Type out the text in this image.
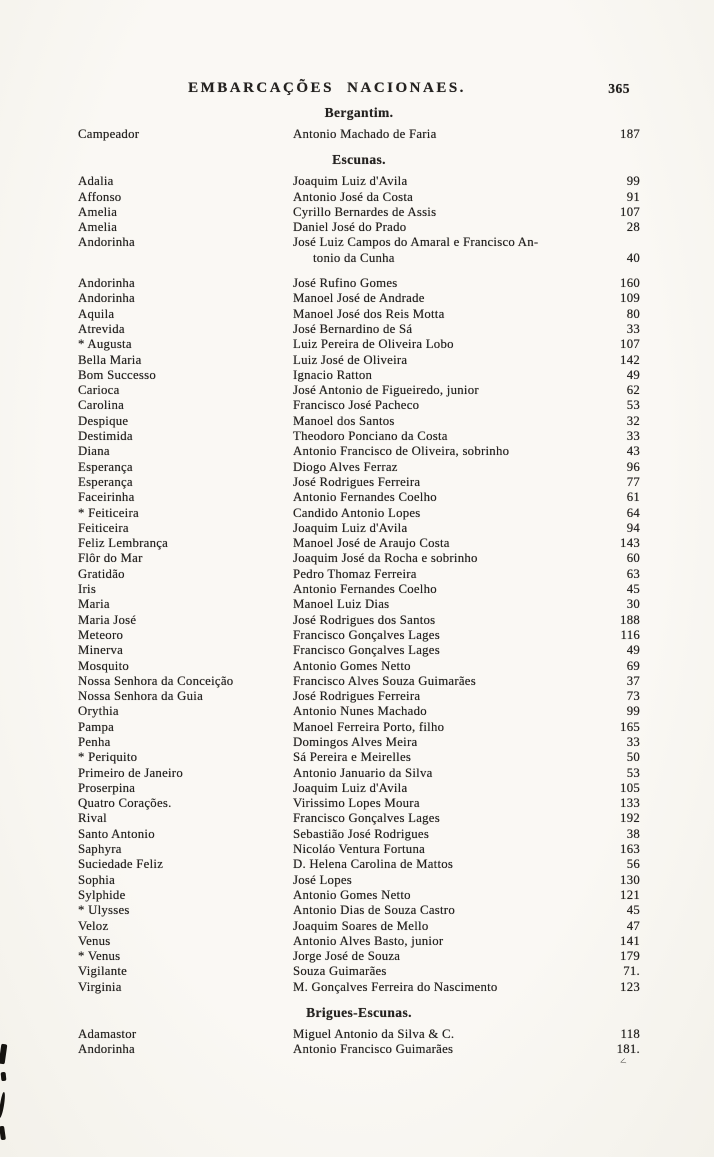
EMBARCAÇÕES NACIONAES.	365
Bergantim.
Campeador	Antonio Machado de Faria	187
Escunas.
Adalia	Joaquim Luiz d'Avila	99
Affonso	Antonio José da Costa	91
Amelia	Cyrillo Bernardes de Assis	107
Amelia	Daniel José do Prado	28
Andorinha	José Luiz Campos do Amaral e Francisco An-
tonio da Cunha	40
Andorinha	José Rufino Gomes	160
Andorinha	Manoel José de Andrade	109
Aquila	Manoel José dos Reis Motta	80
Atrevida	José Bernardino de Sá	33
* Augusta	Luiz Pereira de Oliveira Lobo	107
Bella Maria	Luiz José de Oliveira	142
Bom Successo	Ignacio Ratton	49
Carioca	José Antonio de Figueiredo, junior	62
Carolina	Francisco José Pacheco	53
Despique	Manoel dos Santos	32
Destimida	Theodoro Ponciano da Costa	33
Diana	Antonio Francisco de Oliveira, sobrinho	43
Esperança	Diogo Alves Ferraz	96
Esperança	José Rodrigues Ferreira	77
Faceirinha	Antonio Fernandes Coelho	61
* Feiticeira	Candido Antonio Lopes	64
Feiticeira	Joaquim Luiz d'Avila	94
Feliz Lembrança	Manoel José de Araujo Costa	143
Flôr do Mar	Joaquim José da Rocha e sobrinho	60
Gratidão	Pedro Thomaz Ferreira	63
Iris	Antonio Fernandes Coelho	45
Maria	Manoel Luiz Dias	30
Maria José	José Rodrigues dos Santos	188
Meteoro	Francisco Gonçalves Lages	116
Minerva	Francisco Gonçalves Lages	49
Mosquito	Antonio Gomes Netto	69
Nossa Senhora da Conceição	Francisco Alves Souza Guimarães	37
Nossa Senhora da Guia	José Rodrigues Ferreira	73
Orythia	Antonio Nunes Machado	99
Pampa	Manoel Ferreira Porto, filho	165
Penha	Domingos Alves Meira	33
* Periquito	Sá Pereira e Meirelles	50
Primeiro de Janeiro	Antonio Januario da Silva	53
Proserpina	Joaquim Luiz d'Avila	105
Quatro Corações.	Virissimo Lopes Moura	133
Rival	Francisco Gonçalves Lages	192
Santo Antonio	Sebastião José Rodrigues	38
Saphyra	Nicoláo Ventura Fortuna	163
Suciedade Feliz	D. Helena Carolina de Mattos	56
Sophia	José Lopes	130
Sylphide	Antonio Gomes Netto	121
* Ulysses	Antonio Dias de Souza Castro	45
Veloz	Joaquim Soares de Mello	47
Venus	Antonio Alves Basto, junior	141
* Venus	Jorge José de Souza	179
Vigilante	Souza Guimarães	71.
Virginia	M. Gonçalves Ferreira do Nascimento	123
Brigues-Escunas.
Adamastor	Miguel Antonio da Silva & C.	118
Andorinha	Antonio Francisco Guimarães	181.
<
